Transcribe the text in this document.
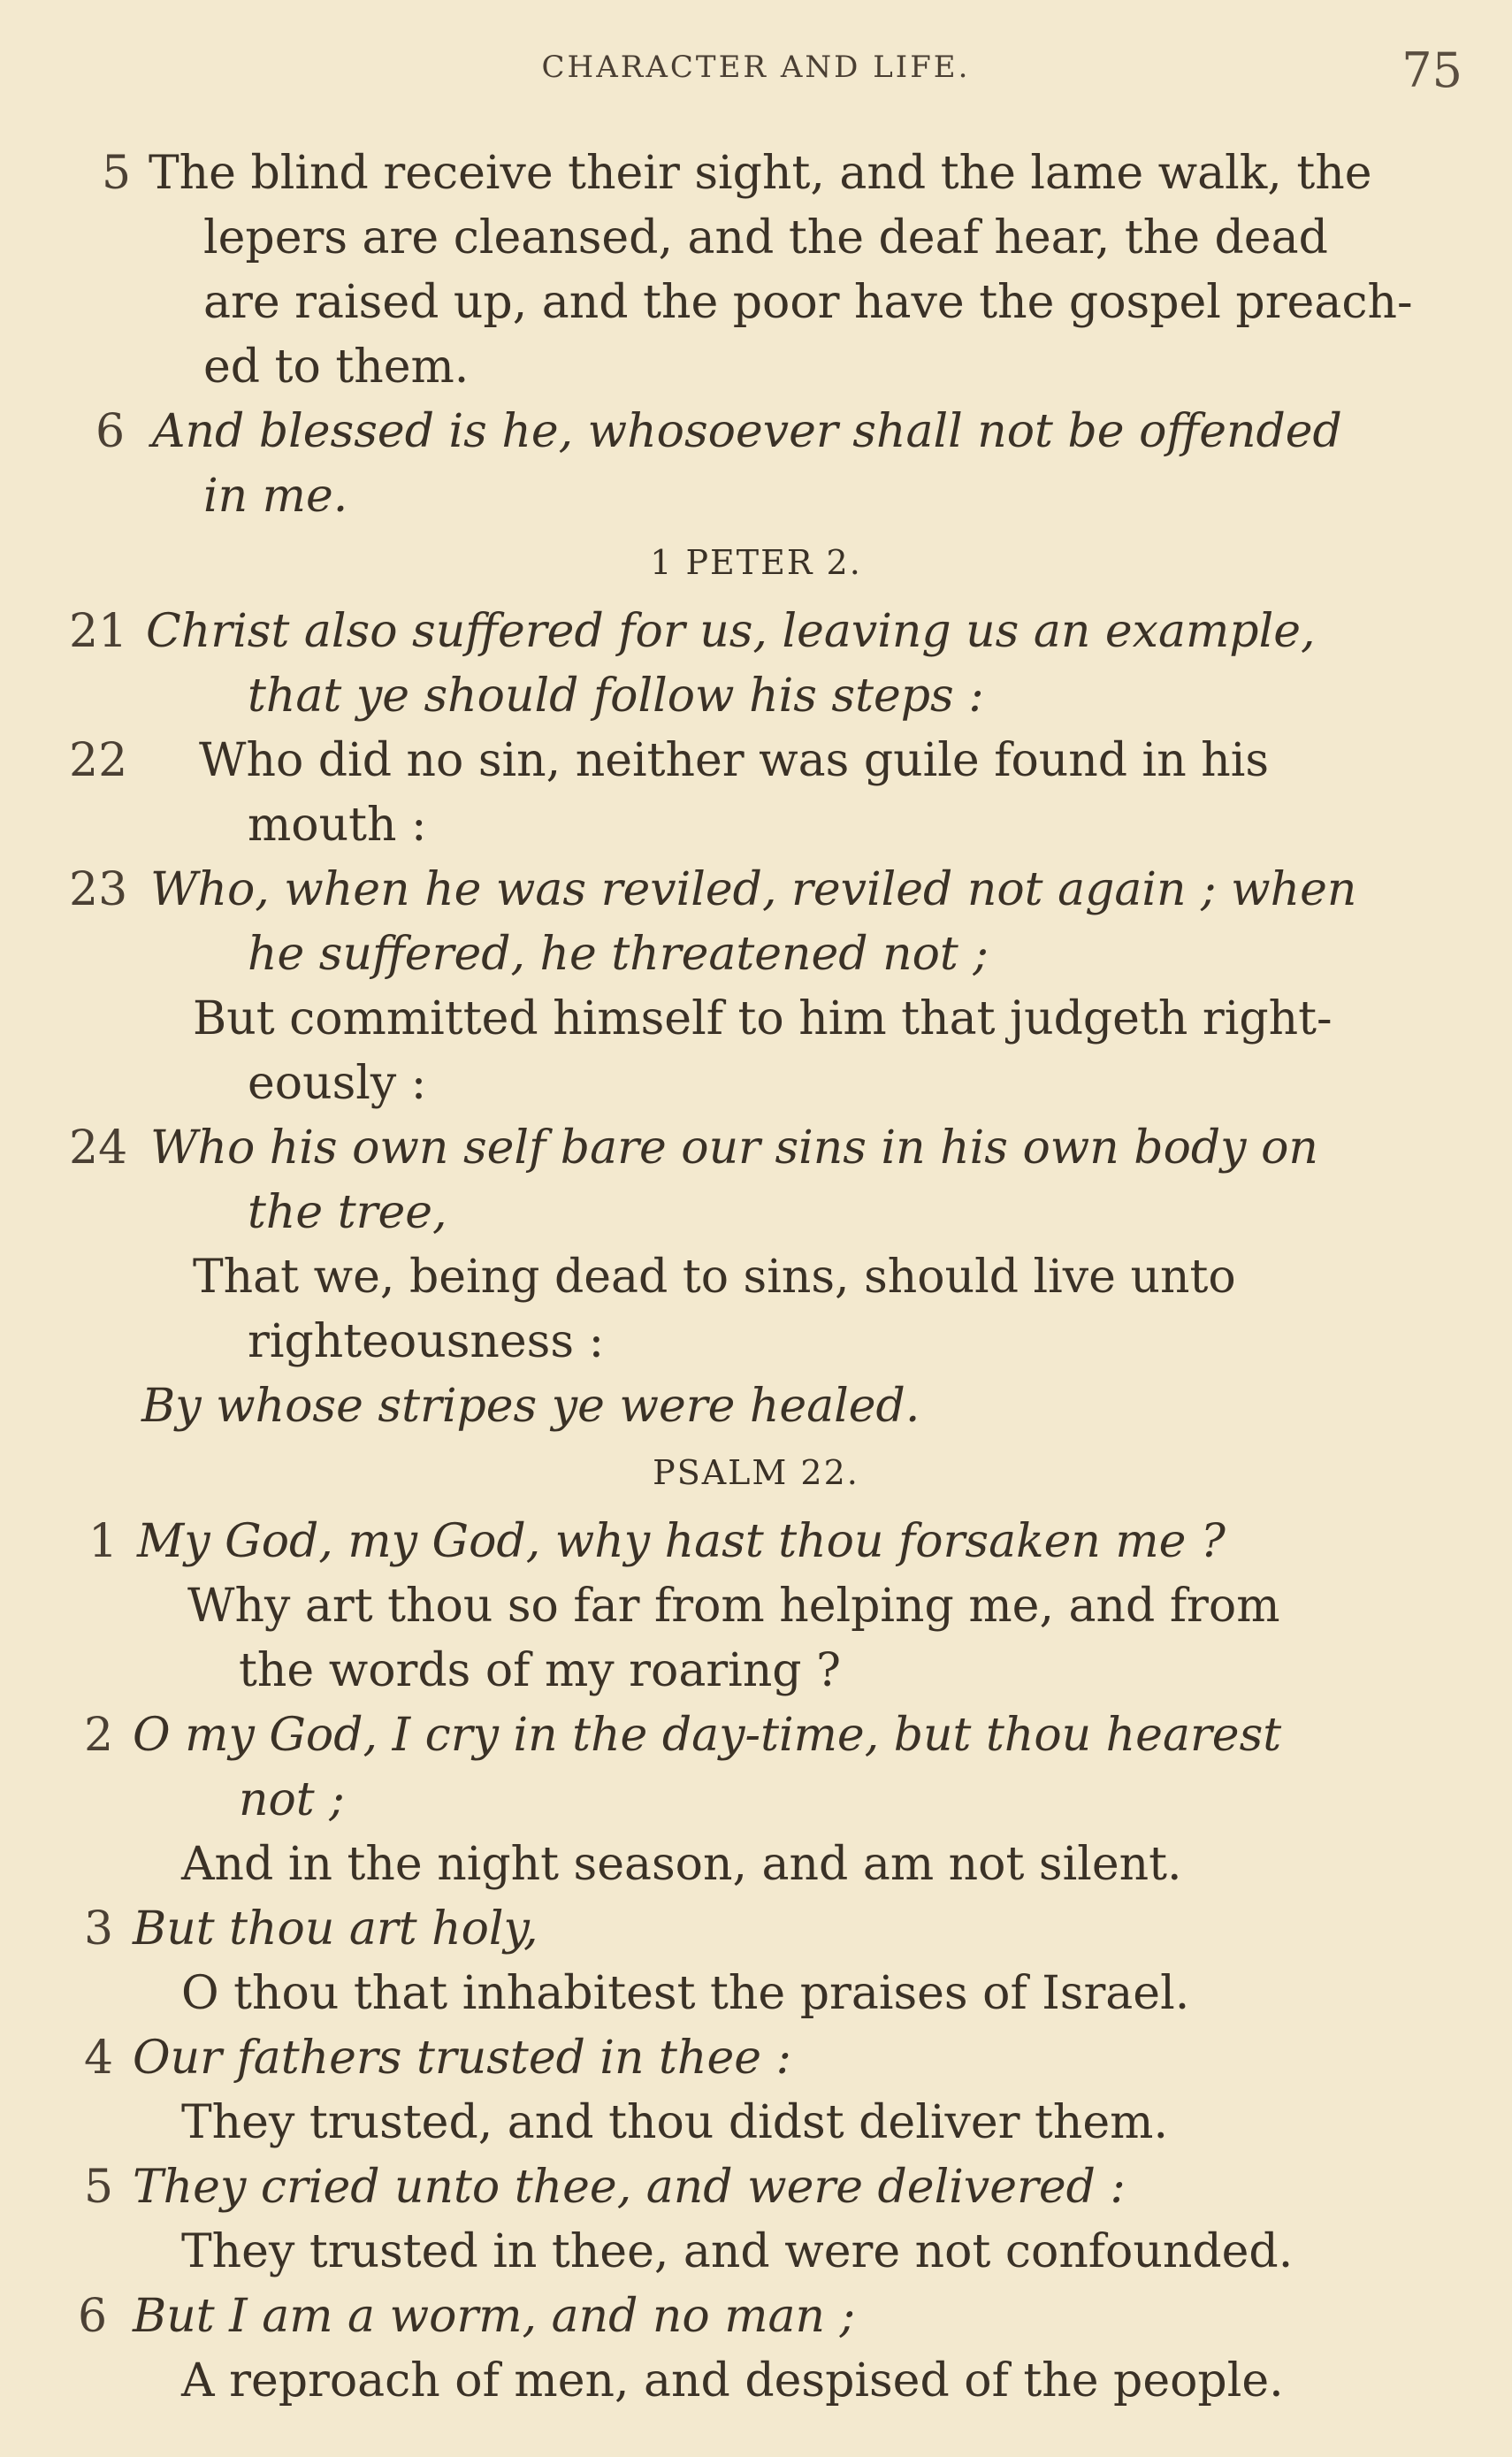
CHARACTER AND LIFE.	75
5 The blind receive their sight, and the lame walk, the
lepers are cleansed, and the deaf hear, the dead
are raised up, and the poor have the gospel preach-
ed to them.
6 And blessed is he, whosoever shall not be offended
in me.
1 PETER 2.
21 Christ also suffered for us, leaving us an example,
that ye should follow his steps :
22	Who did no sin, neither was guile found in his
mouth :
23 Who, when he was reviled, reviled not again ; when
he suffered, he threatened not ;
But committed himself to him that judgeth right-
eously :
24 Who his own self bare our sins in his own body on
the tree,
That we, being dead to sins, should live unto
righteousness :
By whose stripes ye were healed.
PSALM 22.
1 My God, my God, why hast thou forsaken me ?
Why art thou so far from helping me, and from
the words of my roaring ?
2 O my God, I cry in the day-time, but thou hearest
not ;
And in the night season, and am not silent.
3 But thou art holy,
O thou that inhabitest the praises of Israel.
4 Our fathers trusted in thee :
They trusted, and thou didst deliver them.
5 They cried unto thee, and were delivered :
They trusted in thee, and were not confounded.
6 But I am a worm, and no man ;
A reproach of men, and despised of the people.
